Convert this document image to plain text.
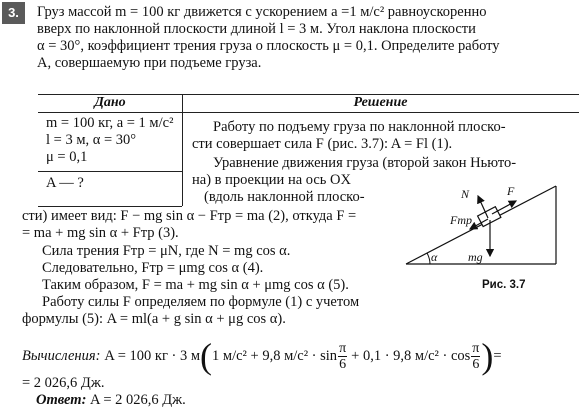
3.	Груз массой m = 100 кг движется с ускорением a =1 м/с² равноускоренно
вверх по наклонной плоскости длиной l = 3 м. Угол наклона плоскости
α = 30°, коэффициент трения груза о плоскость μ = 0,1. Определите работу
A, совершаемую при подъеме груза.
Дано	Решение
m = 100 кг, a = 1 м/с²
l = 3 м, α = 30°
μ = 0,1
A — ?
Работу по подъему груза по наклонной плоско-
сти совершает сила F (рис. 3.7): A = Fl (1).
Уравнение движения груза (второй закон Ньюто-
на) в проекции на ось OX
(вдоль наклонной плоско-
сти) имеет вид: F − mg sin α − Fтр = ma (2), откуда F =
= ma + mg sin α + Fтр (3).
Сила трения Fтр = μN, где N = mg cos α.
Следовательно, Fтр = μmg cos α (4).
Таким образом, F = ma + mg sin α + μmg cos α (5).
Работу силы F определяем по формуле (1) с учетом
формулы (5): A = ml(a + g sin α + μg cos α).
N	F
Fтр
α	mg
Рис. 3.7
Вычисления: A = 100 кг · 3 м ( 1 м/с² + 9,8 $м/с^2 \cdot \sin \frac{\pi}{6} + 0,1 \cdot 9,8$ $м/с^2 \cdot \cos \frac{\pi}{6}$ ) =
= 2 026,6 Дж.
Ответ: A = 2 026,6 Дж.
